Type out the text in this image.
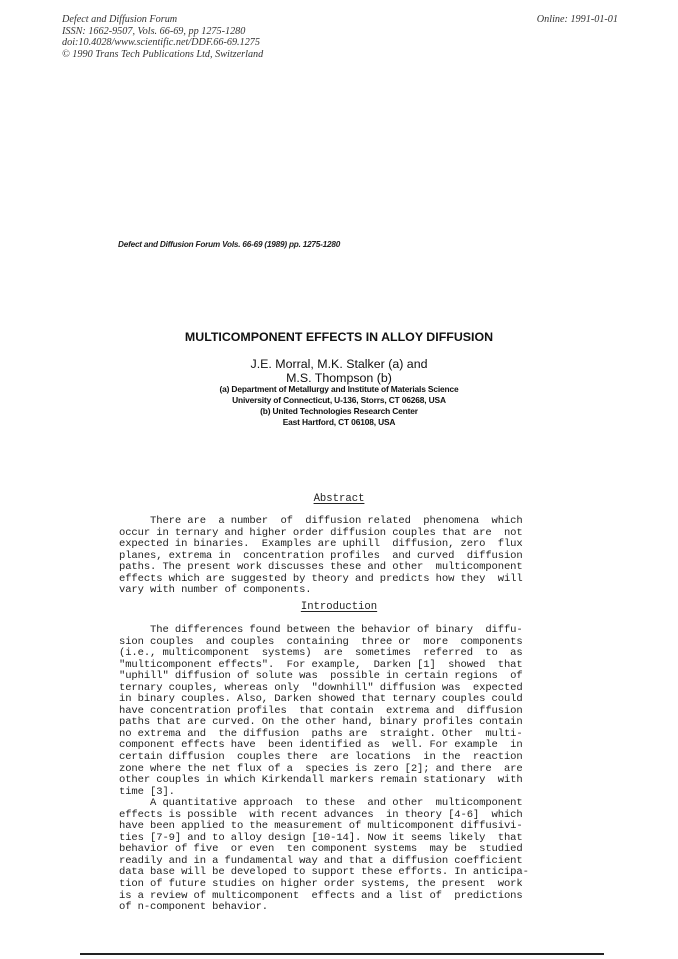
Defect and Diffusion Forum
ISSN: 1662-9507, Vols. 66-69, pp 1275-1280
doi:10.4028/www.scientific.net/DDF.66-69.1275
© 1990 Trans Tech Publications Ltd, Switzerland
Online: 1991-01-01
Defect and Diffusion Forum Vols. 66-69 (1989) pp. 1275-1280
MULTICOMPONENT EFFECTS IN ALLOY DIFFUSION
J.E. Morral, M.K. Stalker (a) and
M.S. Thompson (b)
(a) Department of Metallurgy and Institute of Materials Science
University of Connecticut, U-136, Storrs, CT 06268, USA
(b) United Technologies Research Center
East Hartford, CT 06108, USA
Abstract
There are  a number  of  diffusion related  phenomena  which
occur in ternary and higher order diffusion couples that are  not
expected in binaries.  Examples are uphill  diffusion, zero  flux
planes, extrema in  concentration profiles  and curved  diffusion
paths. The present work discusses these and other  multicomponent
effects which are suggested by theory and predicts how they  will
vary with number of components.
Introduction
The differences found between the behavior of binary  diffu-
sion couples  and couples  containing  three or  more  components
(i.e., multicomponent  systems)  are  sometimes  referred  to  as
"multicomponent effects".  For example,  Darken [1]  showed  that
"uphill" diffusion of solute was  possible in certain regions  of
ternary couples, whereas only  "downhill" diffusion was  expected
in binary couples. Also, Darken showed that ternary couples could
have concentration profiles  that contain  extrema and  diffusion
paths that are curved. On the other hand, binary profiles contain
no extrema and  the diffusion  paths are  straight. Other  multi-
component effects have  been identified as  well. For example  in
certain diffusion  couples there  are locations  in the  reaction
zone where the net flux of a  species is zero [2]; and there  are
other couples in which Kirkendall markers remain stationary  with
time [3].
A quantitative approach  to these  and other  multicomponent
effects is possible  with recent advances  in theory [4-6]  which
have been applied to the measurement of multicomponent diffusivi-
ties [7-9] and to alloy design [10-14]. Now it seems likely  that
behavior of five  or even  ten component systems  may be  studied
readily and in a fundamental way and that a diffusion coefficient
data base will be developed to support these efforts. In anticipa-
tion of future studies on higher order systems, the present  work
is a review of multicomponent  effects and a list of  predictions
of n-component behavior.
